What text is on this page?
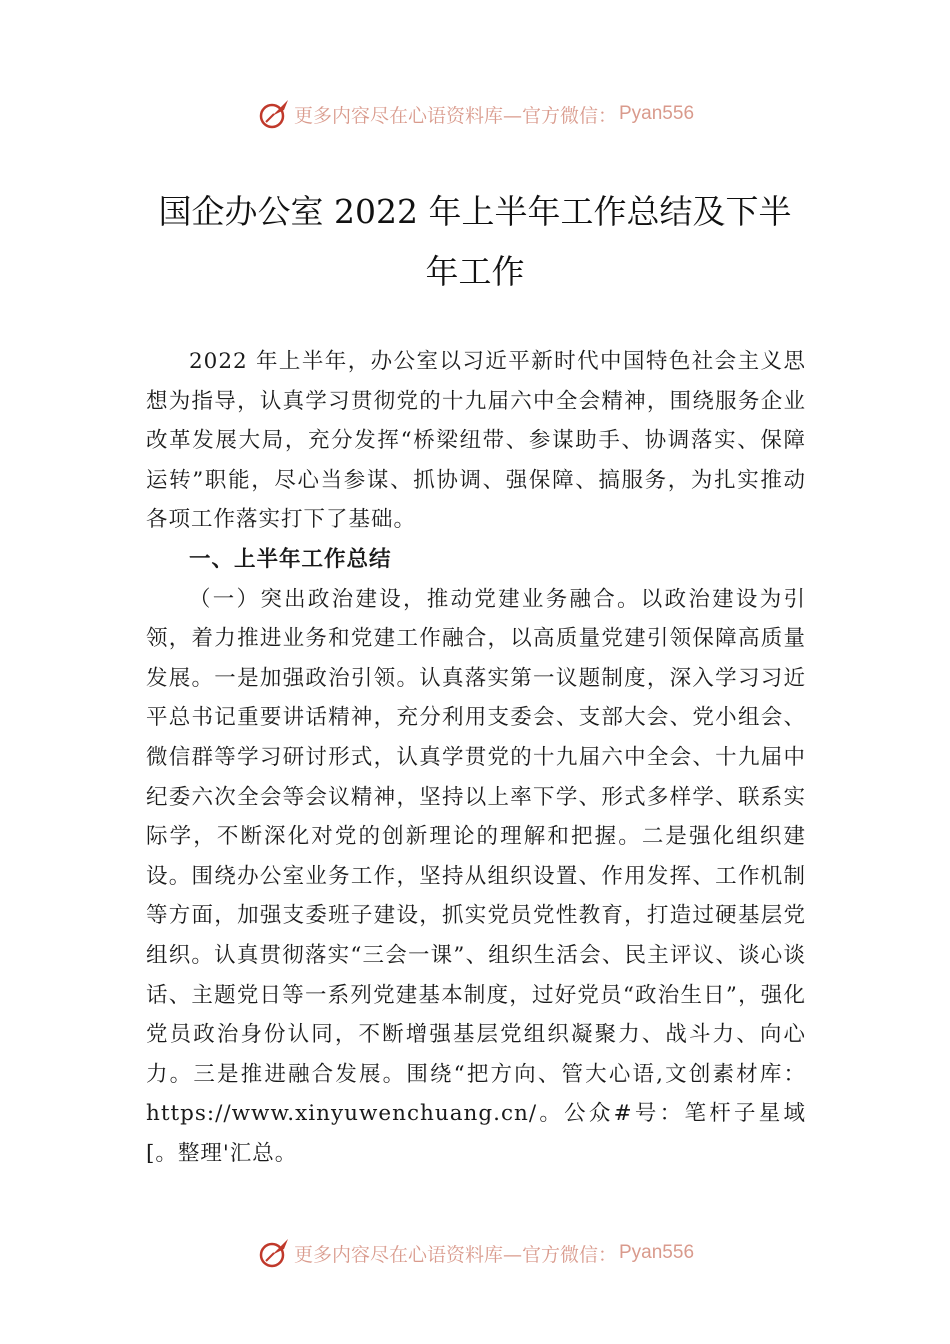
更多内容尽在心语资料库—官方微信： Pyan556
国企办公室 2022 年上半年工作总结及下半
年工作

2022 年上半年，办公室以习近平新时代中国特色社会主义思想为指导，认真学习贯彻党的十九届六中全会精神，围绕服务企业改革发展大局，充分发挥“桥梁纽带、参谋助手、协调落实、保障运转”职能，尽心当参谋、抓协调、强保障、搞服务，为扎实推动各项工作落实打下了基础。

一、上半年工作总结

（一）突出政治建设，推动党建业务融合。以政治建设为引领，着力推进业务和党建工作融合，以高质量党建引领保障高质量发展。一是加强政治引领。认真落实第一议题制度，深入学习习近平总书记重要讲话精神，充分利用支委会、支部大会、党小组会、微信群等学习研讨形式，认真学贯党的十九届六中全会、十九届中纪委六次全会等会议精神，坚持以上率下学、形式多样学、联系实际学，不断深化对党的创新理论的理解和把握。二是强化组织建设。围绕办公室业务工作，坚持从组织设置、作用发挥、工作机制等方面，加强支委班子建设，抓实党员党性教育，打造过硬基层党组织。认真贯彻落实“三会一课”、组织生活会、民主评议、谈心谈话、主题党日等一系列党建基本制度，过好党员“政治生日”，强化党员政治身份认同，不断增强基层党组织凝聚力、战斗力、向心力。三是推进融合发展。围绕“把方向、管大心语,文创素材库：https://www.xinyuwenchuang.cn/。公众#号：笔杆子星域[。整理'汇总。

更多内容尽在心语资料库—官方微信： Pyan556
